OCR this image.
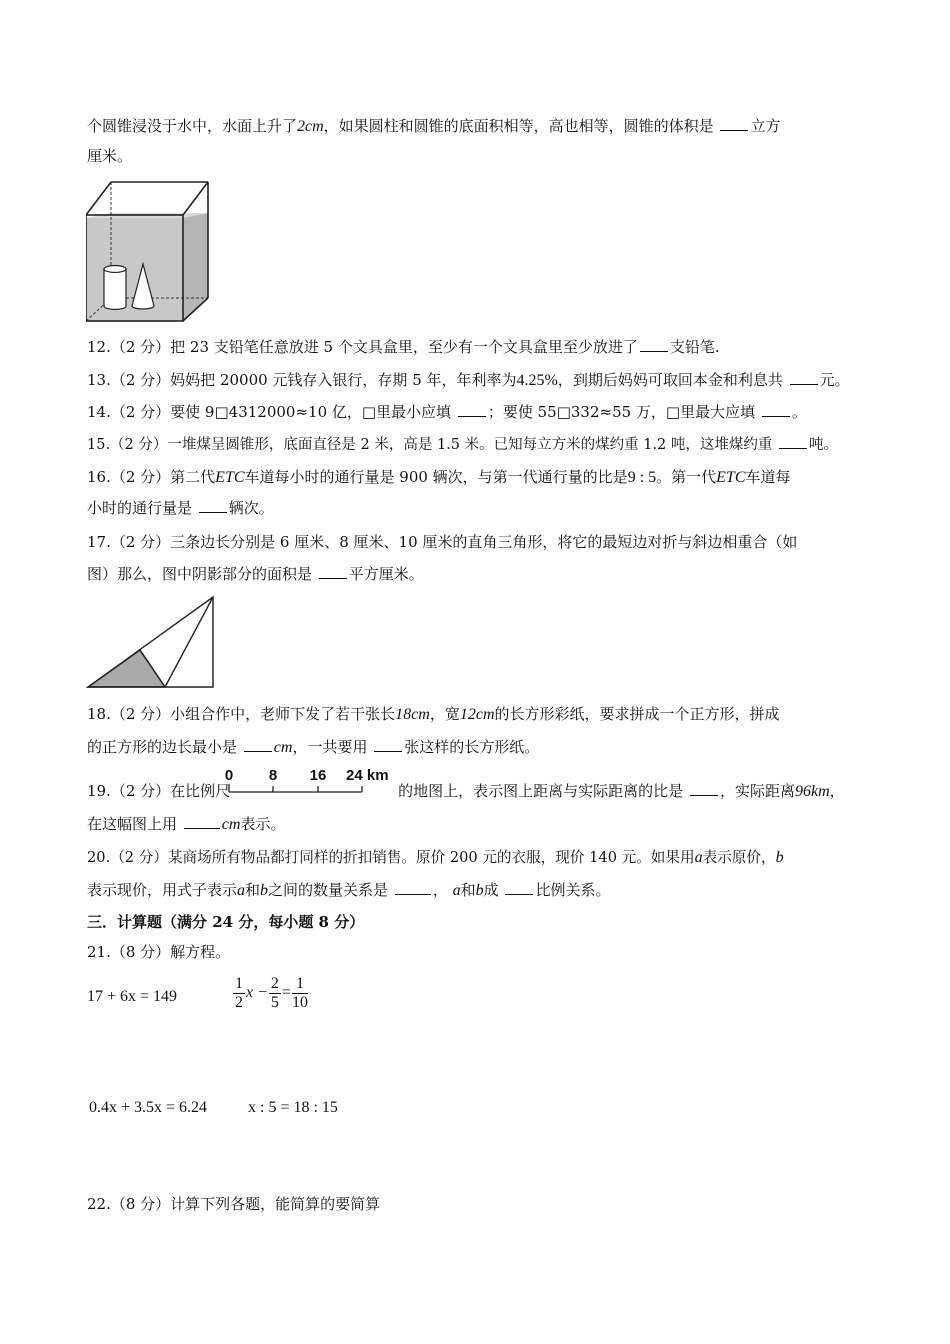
个圆锥浸没于水中，水面上升了2cm，如果圆柱和圆锥的底面积相等，高也相等，圆锥的体积是 立方
厘米。
12.（2 分）把 23 支铅笔任意放进 5 个文具盒里，至少有一个文具盒里至少放进了 支铅笔.
13.（2 分）妈妈把 20000 元钱存入银行，存期 5 年，年利率为4.25%，到期后妈妈可取回本金和利息共 元。
14.（2 分）要使 9□4312000≈10 亿，□里最小应填 ；要使 55□332≈55 万，□里最大应填 。
15.（2 分）一堆煤呈圆锥形，底面直径是 2 米，高是 1.5 米。已知每立方米的煤约重 1.2 吨，这堆煤约重	吨。
16.（2 分）第二代ETC车道每小时的通行量是 900 辆次，与第一代通行量的比是9 : 5。第一代ETC车道每
小时的通行量是 辆次。
17.（2 分）三条边长分别是 6 厘米、8 厘米、10 厘米的直角三角形，将它的最短边对折与斜边相重合（如
图）那么，图中阴影部分的面积是 平方厘米。
18.（2 分）小组合作中，老师下发了若干张长18cm，宽12cm的长方形彩纸，要求拼成一个正方形，拼成
的正方形的边长最小是 cm，一共要用 张这样的长方形纸。
19.（2 分）在比例尺	的地图上，表示图上距离与实际距离的比是 ，实际距离96km，
0 8 16 24 km
在这幅图上用	cm表示。
20.（2 分）某商场所有物品都打同样的折扣销售。原价 200 元的衣服，现价 140 元。如果用a表示原价，b
表示现价，用式子表示a和b之间的数量关系是	， a和b成 比例关系。
三．计算题（满分 24 分，每小题 8 分）
21.（8 分）解方程。
17 + 6x = 149	$\frac{1}{2}$ $x - \frac{2}{5} = \frac{1}{10}$
0.4x + 3.5x = 6.24	x : 5 = 18 : 15
22.（8 分）计算下列各题，能简算的要简算
